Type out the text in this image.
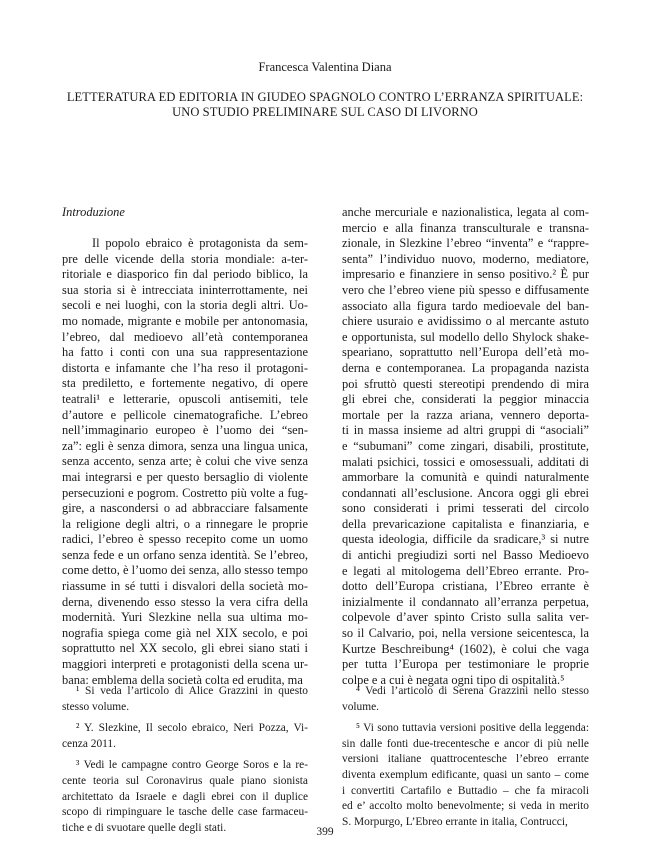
Francesca Valentina Diana
LETTERATURA ED EDITORIA IN GIUDEO SPAGNOLO CONTRO L’ERRANZA SPIRITUALE:
UNO STUDIO PRELIMINARE SUL CASO DI LIVORNO
Introduzione
Il popolo ebraico è protagonista da sem-
pre delle vicende della storia mondiale: a-ter-
ritoriale e diasporico fin dal periodo biblico, la
sua storia si è intrecciata ininterrottamente, nei
secoli e nei luoghi, con la storia degli altri. Uo-
mo nomade, migrante e mobile per antonomasia,
l’ebreo, dal medioevo all’età contemporanea
ha fatto i conti con una sua rappresentazione
distorta e infamante che l’ha reso il protagoni-
sta prediletto, e fortemente negativo, di opere
teatrali¹ e letterarie, opuscoli antisemiti, tele
d’autore e pellicole cinematografiche. L’ebreo
nell’immaginario europeo è l’uomo dei “sen-
za”: egli è senza dimora, senza una lingua unica,
senza accento, senza arte; è colui che vive senza
mai integrarsi e per questo bersaglio di violente
persecuzioni e pogrom. Costretto più volte a fug-
gire, a nascondersi o ad abbracciare falsamente
la religione degli altri, o a rinnegare le proprie
radici, l’ebreo è spesso recepito come un uomo
senza fede e un orfano senza identità. Se l’ebreo,
come detto, è l’uomo dei senza, allo stesso tempo
riassume in sé tutti i disvalori della società mo-
derna, divenendo esso stesso la vera cifra della
modernità. Yuri Slezkine nella sua ultima mo-
nografia spiega come già nel XIX secolo, e poi
soprattutto nel XX secolo, gli ebrei siano stati i
maggiori interpreti e protagonisti della scena ur-
bana: emblema della società colta ed erudita, ma
anche mercuriale e nazionalistica, legata al com-
mercio e alla finanza transculturale e transna-
zionale, in Slezkine l’ebreo “inventa” e “rappre-
senta” l’individuo nuovo, moderno, mediatore,
impresario e finanziere in senso positivo.² È pur
vero che l’ebreo viene più spesso e diffusamente
associato alla figura tardo medioevale del ban-
chiere usuraio e avidissimo o al mercante astuto
e opportunista, sul modello dello Shylock shake-
speariano, soprattutto nell’Europa dell’età mo-
derna e contemporanea. La propaganda nazista
poi sfruttò questi stereotipi prendendo di mira
gli ebrei che, considerati la peggior minaccia
mortale per la razza ariana, vennero deporta-
ti in massa insieme ad altri gruppi di “asociali”
e “subumani” come zingari, disabili, prostitute,
malati psichici, tossici e omosessuali, additati di
ammorbare la comunità e quindi naturalmente
condannati all’esclusione. Ancora oggi gli ebrei
sono considerati i primi tesserati del circolo
della prevaricazione capitalista e finanziaria, e
questa ideologia, difficile da sradicare,³ si nutre
di antichi pregiudizi sorti nel Basso Medioevo
e legati al mitologema dell’Ebreo errante. Pro-
dotto dell’Europa cristiana, l’Ebreo errante è
inizialmente il condannato all’erranza perpetua,
colpevole d’aver spinto Cristo sulla salita ver-
so il Calvario, poi, nella versione seicentesca, la
Kurtze Beschreibung⁴ (1602), è colui che vaga
per tutta l’Europa per testimoniare le proprie
colpe e a cui è negata ogni tipo di ospitalità.⁵
¹ Si veda l’articolo di Alice Grazzini in questo
stesso volume.
² Y. Slezkine, Il secolo ebraico, Neri Pozza, Vi-
cenza 2011.
³ Vedi le campagne contro George Soros e la re-
cente teoria sul Coronavirus quale piano sionista
architettato da Israele e dagli ebrei con il duplice
scopo di rimpinguare le tasche delle case farmaceu-
tiche e di svuotare quelle degli stati.
⁴ Vedi l’articolo di Serena Grazzini nello stesso
volume.
⁵ Vi sono tuttavia versioni positive della leggenda:
sin dalle fonti due-trecentesche e ancor di più nelle
versioni italiane quattrocentesche l’ebreo errante
diventa exemplum edificante, quasi un santo – come
i convertiti Cartafilo e Buttadio – che fa miracoli
ed e’ accolto molto benevolmente; si veda in merito
S. Morpurgo, L’Ebreo errante in italia, Contrucci,
399
